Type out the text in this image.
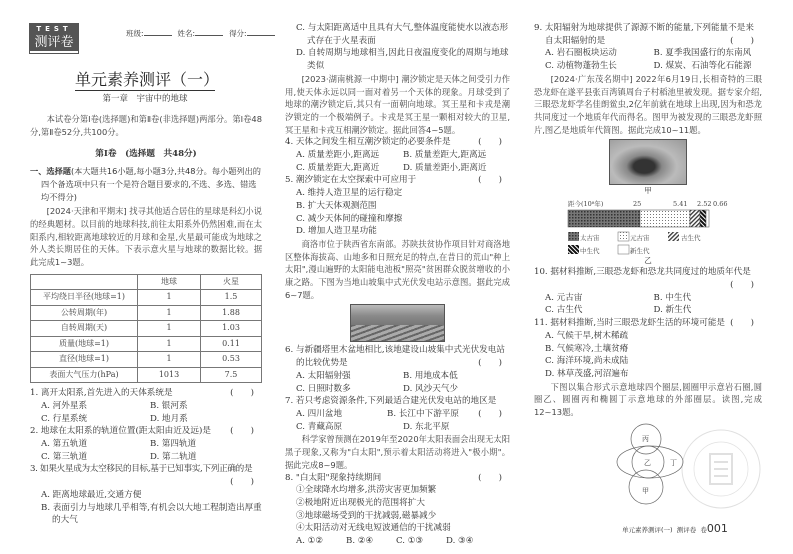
TEST
测评卷
班级:	姓名:	得分:
单元素养测评（一）
第一章　宇宙中的地球
本试卷分第Ⅰ卷(选择题)和第Ⅱ卷(非选择题)两部分。第Ⅰ卷48分,第Ⅱ卷52分,共100分。
第Ⅰ卷　(选择题　共48分)
一、选择题(本大题共16小题,每小题3分,共48分。每小题列出的四个备选项中只有一个是符合题目要求的,不选、多选、错选均不得分)
[2024·天津和平期末] 找寻其他适合居住的星球是科幻小说的经典题材。以目前的地球科技,前往太阳系外仍然困难,而在太阳系内,相较距离地球较近的月球和金星,火星最可能成为地球之外人类长期居住的天体。下表示意火星与地球的数据比较。据此完成1~3题。
	地球	火星
平均绕日半径(地球=1)	1	1.5
公转周期(年)	1	1.88
自转周期(天)	1	1.03
质量(地球=1)	1	0.11
直径(地球=1)	1	0.53
表面大气压力(hPa)	1013	7.5
1. 离开太阳系,首先进入的天体系统是	(　　)
A. 河外星系	B. 银河系
C. 行星系统	D. 地月系
2. 地球在太阳系的轨道位置(距太阳由近及远)是 (　　)
A. 第五轨道	B. 第四轨道
C. 第三轨道	D. 第二轨道
3. 如果火星成为太空移民的目标,基于已知事实,下列正确的是
(　　)
A. 距离地球最近,交通方便
B. 表面引力与地球几乎相等,有机会以大地工程制造出厚重的大气
C. 与太阳距离适中且具有大气,整体温度能使水以液态形式存在于火星表面
D. 自转周期与地球相当,因此日夜温度变化的周期与地球类似
[2023·湖南桃源一中期中] 潮汐锁定是天体之间受引力作用,使天体永远以同一面对着另一个天体的现象。月球受到了地球的潮汐锁定后,其只有一面朝向地球。冥王星和卡戎是潮汐锁定的一个极端例子。卡戎是冥王星一颗相对较大的卫星,冥王星和卡戎互相潮汐锁定。据此回答4~5题。
4. 天体之间发生相互潮汐锁定的必要条件是	(　　)
A. 质量差距小,距离远	B. 质量差距大,距离远
C. 质量差距大,距离近	D. 质量差距小,距离近
5. 潮汐锁定在太空探索中可应用于	(　　)
A. 维持人造卫星的运行稳定
B. 扩大天体观测范围
C. 减少天体间的碰撞和摩擦
D. 增加人造卫星功能
商洛市位于陕西省东南部。苏陕扶贫协作项目针对商洛地区整体海拔高、山地多和日照充足的特点,在昔日的荒山"种上太阳",漫山遍野的太阳能电池板"照亮"贫困群众脱贫增收的小康之路。下图为当地山坡集中式光伏发电站示意图。据此完成6~7题。
6. 与新疆塔里木盆地相比,该地建设山坡集中式光伏发电站的比较优势是	(　　)
A. 太阳辐射强	B. 用地成本低
C. 日照时数多	D. 风沙天气少
7. 若只考虑资源条件,下列最适合建光伏发电站的地区是
(　　)
A. 四川盆地	B. 长江中下游平原
C. 青藏高原	D. 东北平原
科学家曾预测在2019年至2020年太阳表面会出现无太阳黑子现象,又称为"白太阳",预示着太阳活动将进入"极小期"。据此完成8~9题。
8. "白太阳"现象持续期间	(　　)
①全球降水均增多,洪涝灾害更加频繁
②极地附近出现极光的范围将扩大
③地球磁场受到的干扰减弱,磁暴减少
④太阳活动对无线电短波通信的干扰减弱
A. ①②	B. ②④	C. ①③	D. ③④
9. 太阳辐射为地球提供了源源不断的能量,下列能量不是来自太阳辐射的是	(　　)
A. 岩石圈板块运动	B. 夏季我国盛行的东南风
C. 动植物蓬勃生长	D. 煤炭、石油等化石能源
[2024·广东茂名期中] 2022年6月19日,长相奇特的三眼恐龙虾在遂平县张百湾镇周台子村稻池里被发现。据专家介绍,三眼恐龙虾学名佳朗鲎虫,2亿年前就在地球上出现,因为和恐龙共同度过一个地质年代而得名。图甲为被发现的三眼恐龙虾照片,图乙是地质年代简图。据此完成10~11题。
甲
距今(10⁸年)	25	5.41 2.52 0.66
太古宙	元古宙	古生代
中生代	新生代
乙
10. 据材料推断,三眼恐龙虾和恐龙共同度过的地质年代是
(　　)
A. 元古宙	B. 中生代
C. 古生代	D. 新生代
11. 据材料推断,当时三眼恐龙虾生活的环境可能是 (　　)
A. 气候干旱,树木稀疏
B. 气候寒冷,土壤贫瘠
C. 海洋环境,尚未成陆
D. 林草茂盛,河沼遍布
下图以集合形式示意地球四个圈层,圆圈甲示意岩石圈,圆圈乙、圆圈丙和椭圆丁示意地球的外部圈层。读图,完成12~13题。
丙
乙	丁
甲
单元素养测评(一) 测评卷 卷001
